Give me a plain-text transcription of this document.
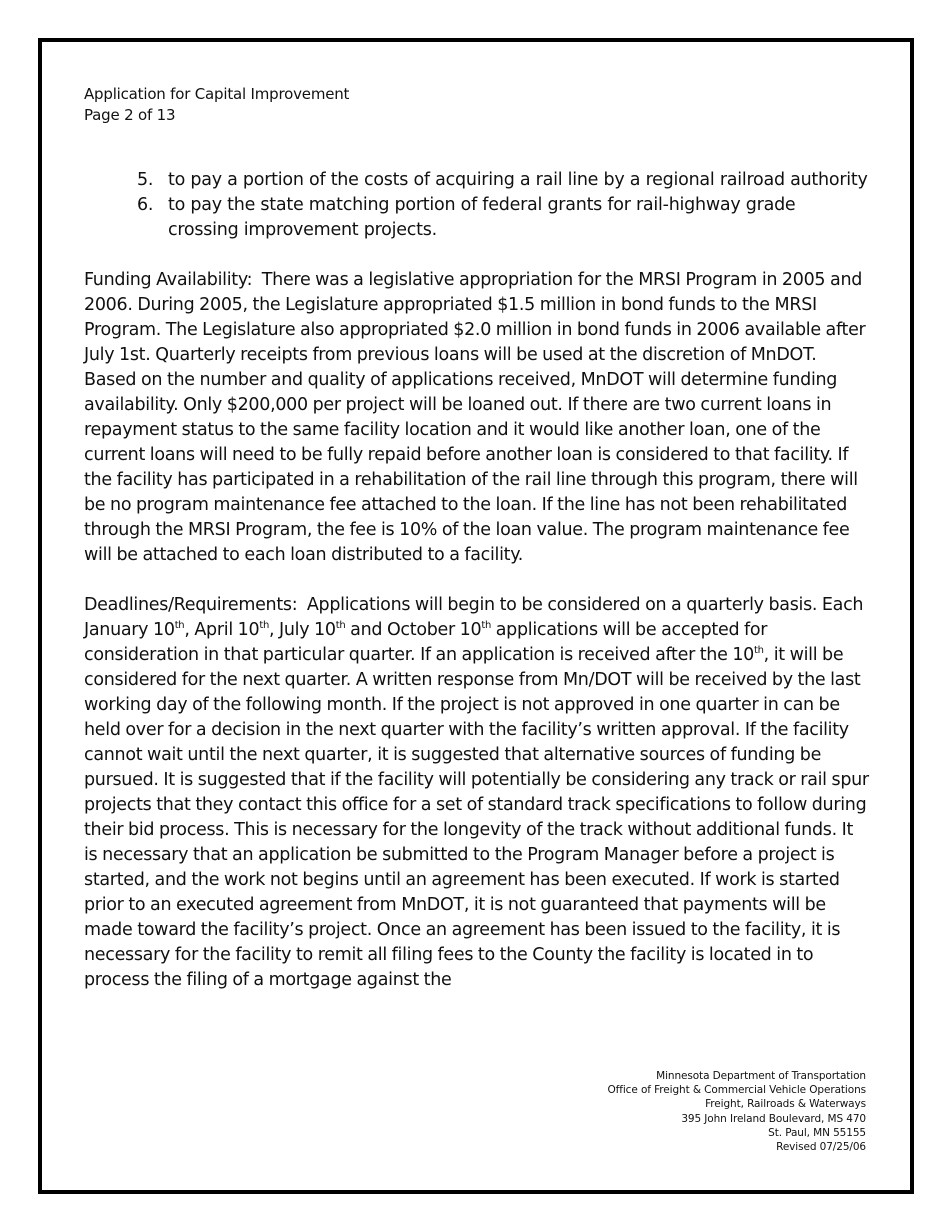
Application for Capital Improvement
Page 2 of 13
5. to pay a portion of the costs of acquiring a rail line by a regional railroad authority
6. to pay the state matching portion of federal grants for rail-highway grade crossing improvement projects.

Funding Availability: There was a legislative appropriation for the MRSI Program in 2005 and 2006. During 2005, the Legislature appropriated $1.5 million in bond funds to the MRSI Program. The Legislature also appropriated $2.0 million in bond funds in 2006 available after July 1st. Quarterly receipts from previous loans will be used at the discretion of MnDOT. Based on the number and quality of applications received, MnDOT will determine funding availability. Only $200,000 per project will be loaned out. If there are two current loans in repayment status to the same facility location and it would like another loan, one of the current loans will need to be fully repaid before another loan is considered to that facility. If the facility has participated in a rehabilitation of the rail line through this program, there will be no program maintenance fee attached to the loan. If the line has not been rehabilitated through the MRSI Program, the fee is 10% of the loan value. The program maintenance fee will be attached to each loan distributed to a facility.

Deadlines/Requirements: Applications will begin to be considered on a quarterly basis. Each January 10th, April 10th, July 10th and October 10th applications will be accepted for consideration in that particular quarter. If an application is received after the 10th, it will be considered for the next quarter. A written response from Mn/DOT will be received by the last working day of the following month. If the project is not approved in one quarter in can be held over for a decision in the next quarter with the facility’s written approval. If the facility cannot wait until the next quarter, it is suggested that alternative sources of funding be pursued. It is suggested that if the facility will potentially be considering any track or rail spur projects that they contact this office for a set of standard track specifications to follow during their bid process. This is necessary for the longevity of the track without additional funds. It is necessary that an application be submitted to the Program Manager before a project is started, and the work not begins until an agreement has been executed. If work is started prior to an executed agreement from MnDOT, it is not guaranteed that payments will be made toward the facility’s project. Once an agreement has been issued to the facility, it is necessary for the facility to remit all filing fees to the County the facility is located in to process the filing of a mortgage against the

Minnesota Department of Transportation
Office of Freight & Commercial Vehicle Operations
Freight, Railroads & Waterways
395 John Ireland Boulevard, MS 470
St. Paul, MN 55155
Revised 07/25/06
